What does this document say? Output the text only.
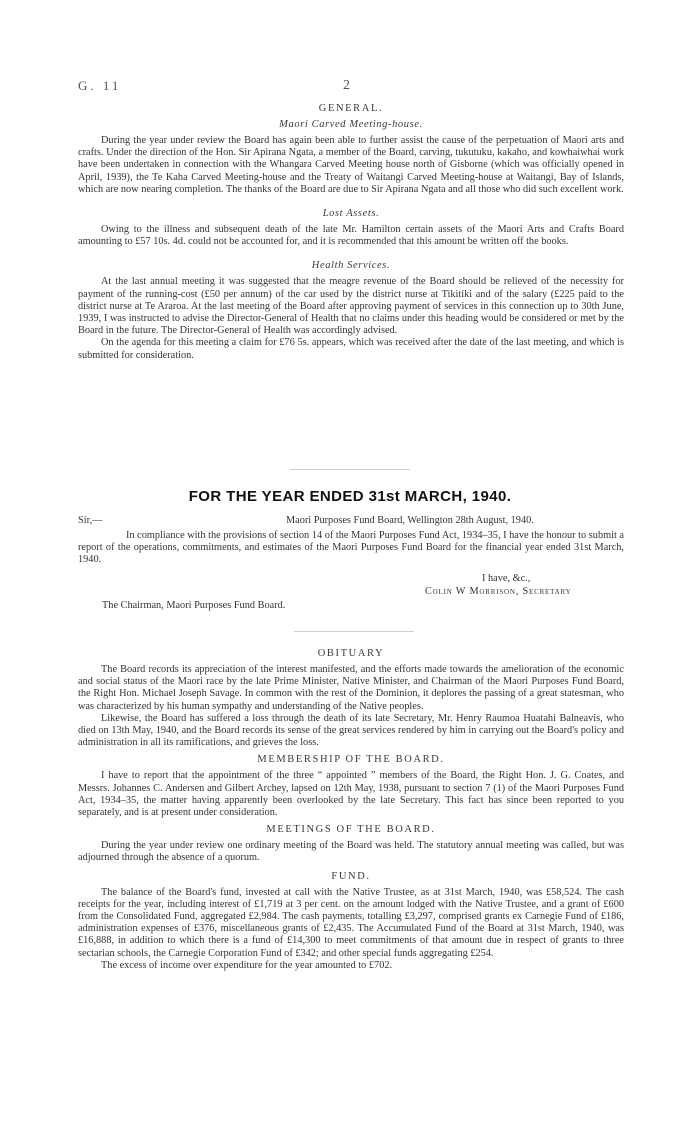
G. 11	2

GENERAL.

Maori Carved Meeting-house.

During the year under review the Board has again been able to further assist the cause of the perpetuation of Maori arts and crafts. Under the direction of the Hon. Sir Apirana Ngata, a member of the Board, carving, tukutuku, kakaho, and kowhaiwhai work have been undertaken in connection with the Whangara Carved Meeting house north of Gisborne (which was officially opened in April, 1939), the Te Kaha Carved Meeting-house and the Treaty of Waitangi Carved Meeting-house at Waitangi, Bay of Islands, which are now nearing completion. The thanks of the Board are due to Sir Apirana Ngata and all those who did such excellent work.

Lost Assets.

Owing to the illness and subsequent death of the late Mr. Hamilton certain assets of the Maori Arts and Crafts Board amounting to £57 10s. 4d. could not be accounted for, and it is recommended that this amount be written off the books.

Health Services.

At the last annual meeting it was suggested that the meagre revenue of the Board should be relieved of the necessity for payment of the running-cost (£50 per annum) of the car used by the district nurse at Tikitiki and of the salary (£225 paid to the district nurse at Te Araroa. At the last meeting of the Board after approving payment of services in this connection up to 30th June, 1939, I was instructed to advise the Director-General of Health that no claims under this heading would be considered or met by the Board in the future. The Director-General of Health was accordingly advised.

On the agenda for this meeting a claim for £76 5s. appears, which was received after the date of the last meeting, and which is submitted for consideration.

FOR THE YEAR ENDED 31st MARCH, 1940.
Sir,—	Maori Purposes Fund Board, Wellington 28th August, 1940.

In compliance with the provisions of section 14 of the Maori Purposes Fund Act, 1934–35, I have the honour to submit a report of the operations, commitments, and estimates of the Maori Purposes Fund Board for the financial year ended 31st March, 1940.

I have, &c.,
Colin W Morrison, Secretary
The Chairman, Maori Purposes Fund Board.

OBITUARY

The Board records its appreciation of the interest manifested, and the efforts made towards the amelioration of the economic and social status of the Maori race by the late Prime Minister, Native Minister, and Chairman of the Maori Purposes Fund Board, the Right Hon. Michael Joseph Savage. In common with the rest of the Dominion, it deplores the passing of a great statesman, who was characterized by his human sympathy and understanding of the Native peoples.

Likewise, the Board has suffered a loss through the death of its late Secretary, Mr. Henry Raumoa Huatahi Balneavis, who died on 13th May, 1940, and the Board records its sense of the great services rendered by him in carrying out the Board's policy and administration in all its ramifications, and grieves the loss.

MEMBERSHIP OF THE BOARD.

I have to report that the appointment of the three “ appointed ” members of the Board, the Right Hon. J. G. Coates, and Messrs. Johannes C. Andersen and Gilbert Archey, lapsed on 12th May, 1938, pursuant to section 7 (1) of the Maori Purposes Fund Act, 1934–35, the matter having apparently been overlooked by the late Secretary. This fact has since been reported to you separately, and is at present under consideration.

MEETINGS OF THE BOARD.

During the year under review one ordinary meeting of the Board was held. The statutory annual meeting was called, but was adjourned through the absence of a quorum.

FUND.

The balance of the Board's fund, invested at call with the Native Trustee, as at 31st March, 1940, was £58,524. The cash receipts for the year, including interest of £1,719 at 3 per cent. on the amount lodged with the Native Trustee, and a grant of £600 from the Consolidated Fund, aggregated £2,984. The cash payments, totalling £3,297, comprised grants ex Carnegie Fund of £186, administration expenses of £376, miscellaneous grants of £2,435. The Accumulated Fund of the Board at 31st March, 1940, was £16,888, in addition to which there is a fund of £14,300 to meet commitments of that amount due in respect of grants to three sectarian schools, the Carnegie Corporation Fund of £342; and other special funds aggregating £254.

The excess of income over expenditure for the year amounted to £702.
